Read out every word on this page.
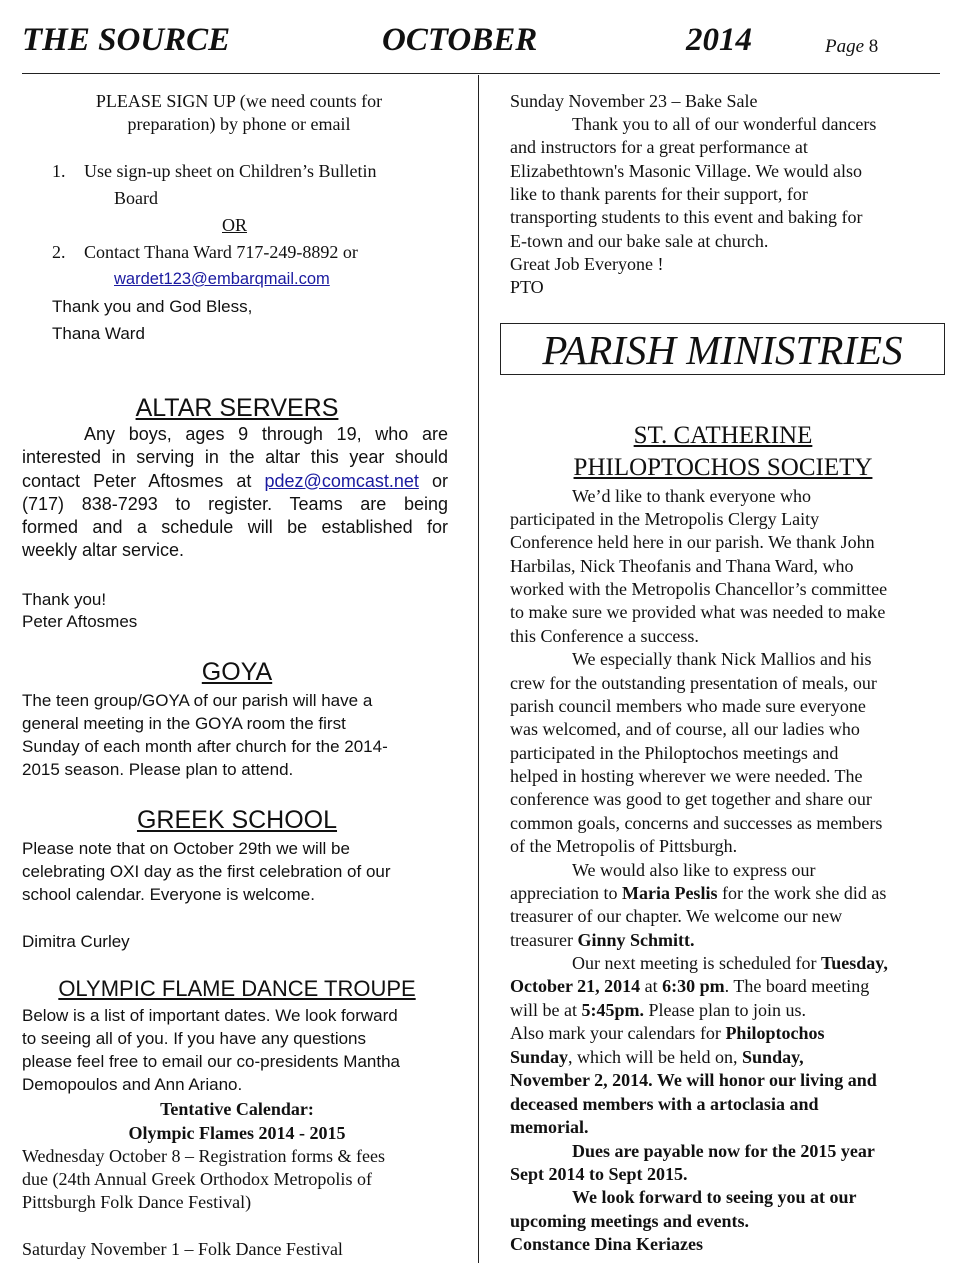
THE SOURCE	OCTOBER	2014	Page 8
PLEASE SIGN UP (we need counts for
preparation) by phone or email
1. Use sign-up sheet on Children’s Bulletin
Board
OR
2. Contact Thana Ward 717-249-8892 or
wardet123@embarqmail.com
Thank you and God Bless,
Thana Ward
ALTAR SERVERS
Any boys, ages 9 through 19, who are
interested in serving in the altar this year should
contact Peter Aftosmes at pdez@comcast.net or
(717) 838-7293 to register. Teams are being
formed and a schedule will be established for
weekly altar service.
Thank you!
Peter Aftosmes
GOYA
The teen group/GOYA of our parish will have a
general meeting in the GOYA room the first
Sunday of each month after church for the 2014-
2015 season. Please plan to attend.
GREEK SCHOOL
Please note that on October 29th we will be
celebrating OXI day as the first celebration of our
school calendar. Everyone is welcome.
Dimitra Curley
OLYMPIC FLAME DANCE TROUPE
Below is a list of important dates. We look forward
to seeing all of you. If you have any questions
please feel free to email our co-presidents Mantha
Demopoulos and Ann Ariano.
Tentative Calendar:
Olympic Flames 2014 - 2015
Wednesday October 8 – Registration forms & fees
due (24th Annual Greek Orthodox Metropolis of
Pittsburgh Folk Dance Festival)
Saturday November 1 – Folk Dance Festival
Sunday November 23 – Bake Sale
Thank you to all of our wonderful dancers
and instructors for a great performance at
Elizabethtown's Masonic Village. We would also
like to thank parents for their support, for
transporting students to this event and baking for
E-town and our bake sale at church.
Great Job Everyone !
PTO
PARISH MINISTRIES
ST. CATHERINE
PHILOPTOCHOS SOCIETY
We’d like to thank everyone who
participated in the Metropolis Clergy Laity
Conference held here in our parish. We thank John
Harbilas, Nick Theofanis and Thana Ward, who
worked with the Metropolis Chancellor’s committee
to make sure we provided what was needed to make
this Conference a success.
We especially thank Nick Mallios and his
crew for the outstanding presentation of meals, our
parish council members who made sure everyone
was welcomed, and of course, all our ladies who
participated in the Philoptochos meetings and
helped in hosting wherever we were needed. The
conference was good to get together and share our
common goals, concerns and successes as members
of the Metropolis of Pittsburgh.
We would also like to express our
appreciation to Maria Peslis for the work she did as
treasurer of our chapter. We welcome our new
treasurer Ginny Schmitt.
Our next meeting is scheduled for Tuesday,
October 21, 2014 at 6:30 pm. The board meeting
will be at 5:45pm. Please plan to join us.
Also mark your calendars for Philoptochos
Sunday, which will be held on, Sunday,
November 2, 2014. We will honor our living and
deceased members with a artoclasia and
memorial.
Dues are payable now for the 2015 year
Sept 2014 to Sept 2015.
We look forward to seeing you at our
upcoming meetings and events.
Constance Dina Keriazes
